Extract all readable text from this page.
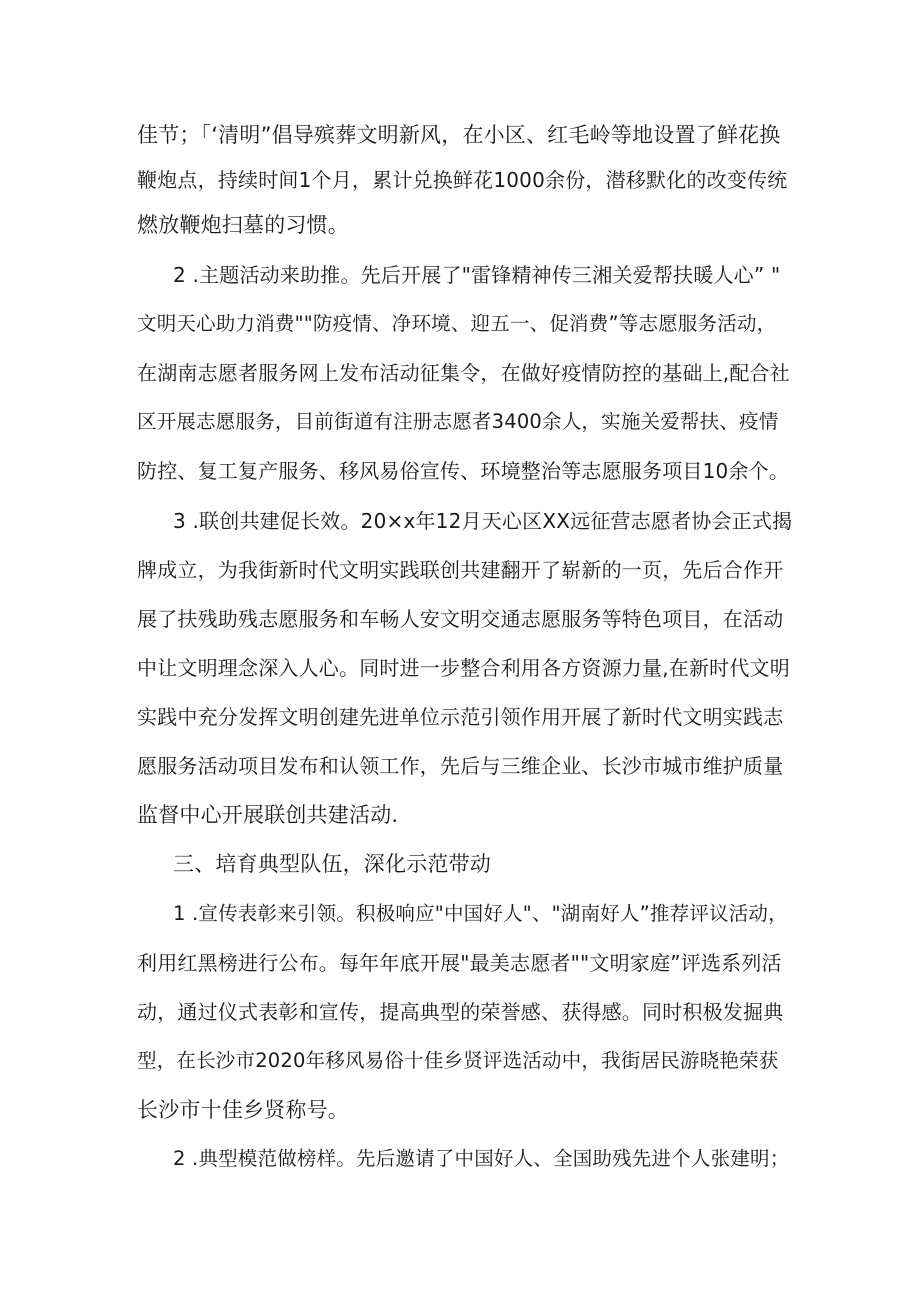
佳节；「‘清明”倡导殡葬文明新风，在小区、红毛岭等地设置了鲜花换
鞭炮点，持续时间1个月，累计兑换鲜花1000余份，潜移默化的改变传统
燃放鞭炮扫墓的习惯。
2 .主题活动来助推。先后开展了"雷锋精神传三湘关爱帮扶暖人心” "
文明天心助力消费""防疫情、净环境、迎五一、促消费”等志愿服务活动，
在湖南志愿者服务网上发布活动征集令，在做好疫情防控的基础上,配合社
区开展志愿服务，目前街道有注册志愿者3400余人，实施关爱帮扶、疫情
防控、复工复产服务、移风易俗宣传、环境整治等志愿服务项目10余个。
3 .联创共建促长效。20×x年12月天心区XX远征营志愿者协会正式揭
牌成立，为我街新时代文明实践联创共建翻开了崭新的一页，先后合作开
展了扶残助残志愿服务和车畅人安文明交通志愿服务等特色项目，在活动
中让文明理念深入人心。同时进一步整合利用各方资源力量,在新时代文明
实践中充分发挥文明创建先进单位示范引领作用开展了新时代文明实践志
愿服务活动项目发布和认领工作，先后与三维企业、长沙市城市维护质量
监督中心开展联创共建活动.
三、培育典型队伍，深化示范带动
1 .宣传表彰来引领。积极响应"中国好人"、"湖南好人”推荐评议活动，
利用红黑榜进行公布。每年年底开展"最美志愿者""文明家庭”评选系列活
动，通过仪式表彰和宣传，提高典型的荣誉感、获得感。同时积极发掘典
型，在长沙市2020年移风易俗十佳乡贤评选活动中，我街居民游晓艳荣获
长沙市十佳乡贤称号。
2 .典型模范做榜样。先后邀请了中国好人、全国助残先进个人张建明；
